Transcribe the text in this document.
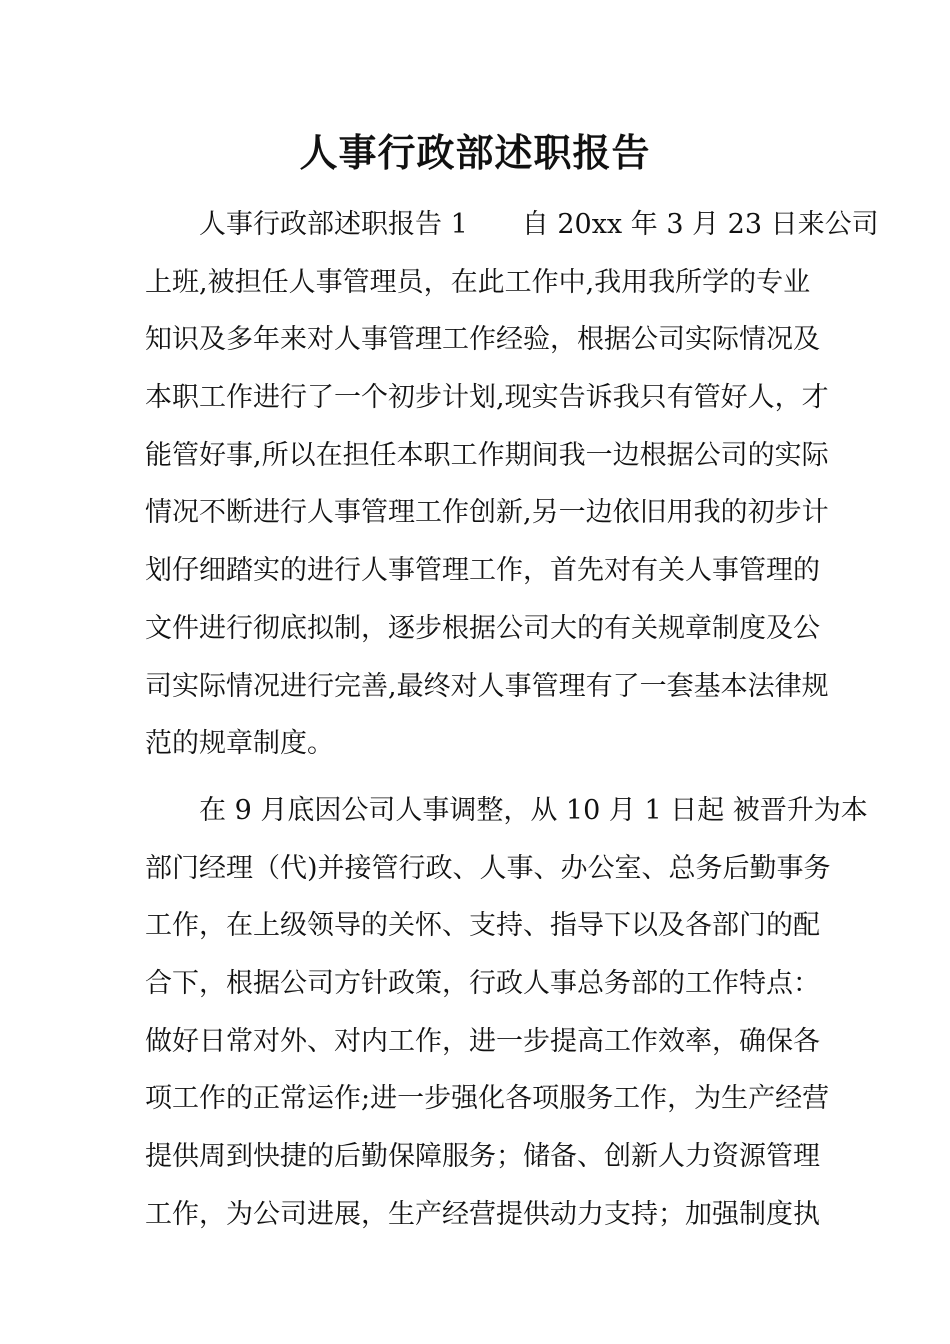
人事行政部述职报告
人事行政部述职报告 1　　自 20xx 年 3 月 23 日来公司
上班,被担任人事管理员，在此工作中,我用我所学的专业
知识及多年来对人事管理工作经验，根据公司实际情况及
本职工作进行了一个初步计划,现实告诉我只有管好人，才
能管好事,所以在担任本职工作期间我一边根据公司的实际
情况不断进行人事管理工作创新,另一边依旧用我的初步计
划仔细踏实的进行人事管理工作，首先对有关人事管理的
文件进行彻底拟制，逐步根据公司大的有关规章制度及公
司实际情况进行完善,最终对人事管理有了一套基本法律规
范的规章制度。
在 9 月底因公司人事调整，从 10 月 1 日起 被晋升为本
部门经理（代)并接管行政、人事、办公室、总务后勤事务
工作，在上级领导的关怀、支持、指导下以及各部门的配
合下，根据公司方针政策，行政人事总务部的工作特点：
做好日常对外、对内工作，进一步提高工作效率，确保各
项工作的正常运作;进一步强化各项服务工作，为生产经营
提供周到快捷的后勤保障服务；储备、创新人力资源管理
工作，为公司进展，生产经营提供动力支持；加强制度执
